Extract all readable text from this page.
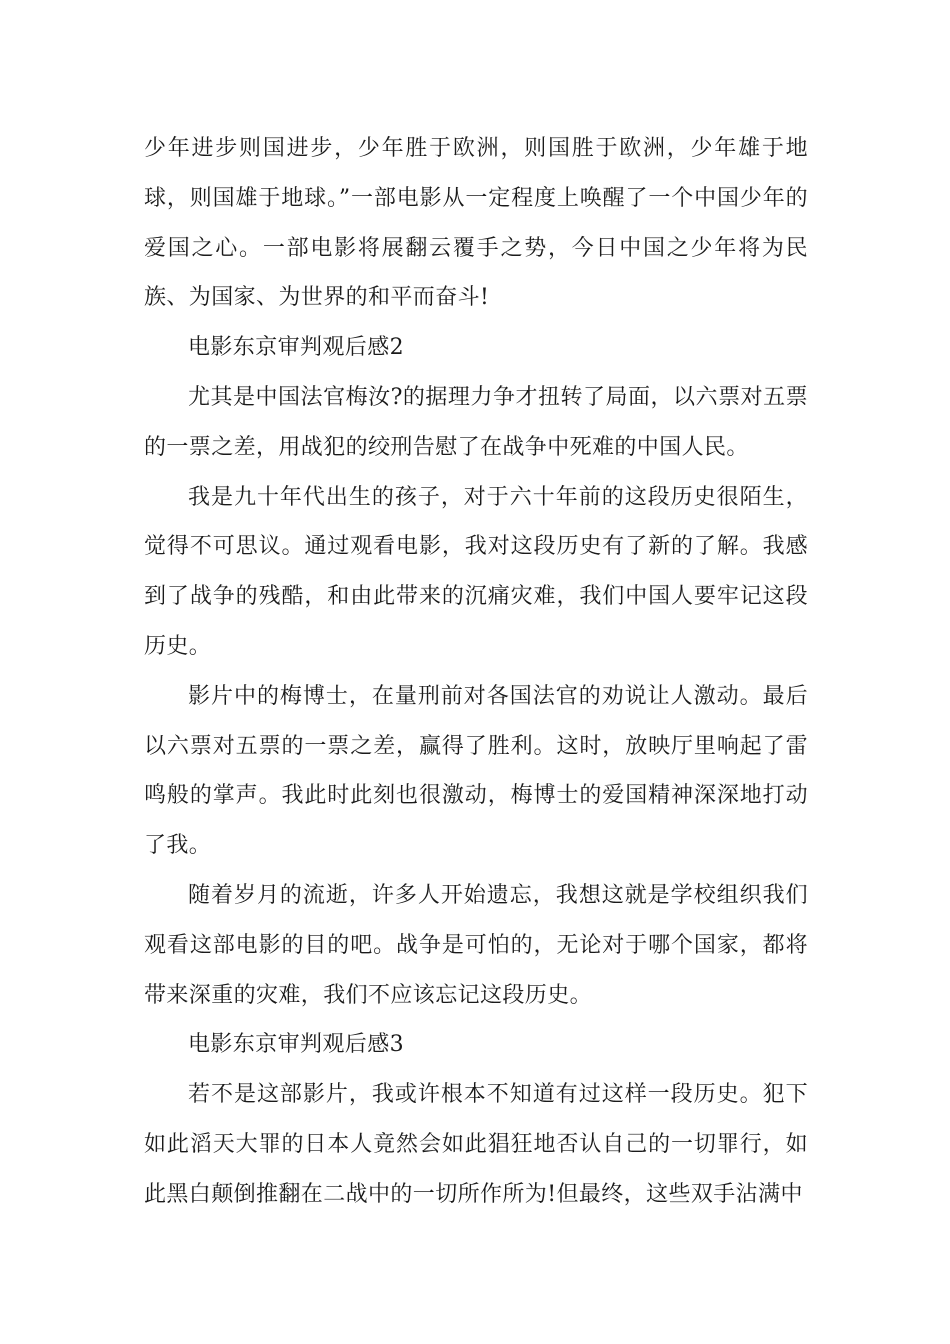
少年进步则国进步，少年胜于欧洲，则国胜于欧洲，少年雄于地球，则国雄于地球。”一部电影从一定程度上唤醒了一个中国少年的爱国之心。一部电影将展翻云覆手之势，今日中国之少年将为民族、为国家、为世界的和平而奋斗!

电影东京审判观后感2

尤其是中国法官梅汝?的据理力争才扭转了局面，以六票对五票的一票之差，用战犯的绞刑告慰了在战争中死难的中国人民。

我是九十年代出生的孩子，对于六十年前的这段历史很陌生，觉得不可思议。通过观看电影，我对这段历史有了新的了解。我感到了战争的残酷，和由此带来的沉痛灾难，我们中国人要牢记这段历史。

影片中的梅博士，在量刑前对各国法官的劝说让人激动。最后以六票对五票的一票之差，赢得了胜利。这时，放映厅里响起了雷鸣般的掌声。我此时此刻也很激动，梅博士的爱国精神深深地打动了我。

随着岁月的流逝，许多人开始遗忘，我想这就是学校组织我们观看这部电影的目的吧。战争是可怕的，无论对于哪个国家，都将带来深重的灾难，我们不应该忘记这段历史。

电影东京审判观后感3

若不是这部影片，我或许根本不知道有过这样一段历史。犯下如此滔天大罪的日本人竟然会如此猖狂地否认自己的一切罪行，如此黑白颠倒推翻在二战中的一切所作所为!但最终，这些双手沾满中
